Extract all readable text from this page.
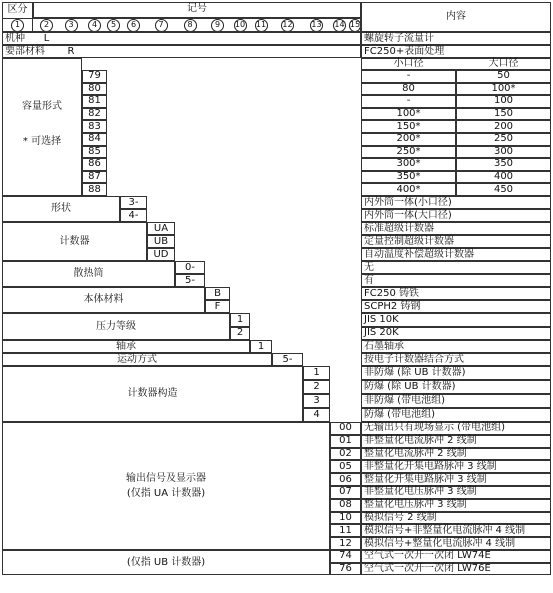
区分	记号
内容
1	2	3	4	5	6	7	8	9	10 11 12 13 14 15
机种	L	螺旋转子流量计
要部材料	R	FC250+表面处理
小口径	大口径
容量形式
* 可选择
79	-	50
80	80	100*
81	-	100
82	100*	150
83	150*	200
84	200*	250
85	250*	300
86	300*	350
87	350*	400
88	400*	450
形状
3-	内外筒一体(小口径)
4-	内外筒一体(大口径)
计数器
UA	标准超级计数器
UB	定量控制超级计数器
UD	自动温度补偿超级计数器
散热筒
0-	无
5-	有
本体材料
B	FC250 铸铁
F	SCPH2 铸钢
压力等级
1	JIS 10K
2	JIS 20K
轴承	1	石墨轴承
运动方式	5-	按电子计数器结合方式
计数器构造
1	非防爆 (除 UB 计数器)
2	防爆 (除 UB 计数器)
3	非防爆 (带电池组)
4	防爆 (带电池组)
输出信号及显示器
(仅指 UA 计数器)
00	无输出只有现场显示 (带电池组)
01	非整量化电流脉冲 2 线制
02	整量化电流脉冲 2 线制
05	非整量化开集电路脉冲 3 线制
06	整量化开集电路脉冲 3 线制
07	非整量化电压脉冲 3 线制
08	整量化电压脉冲 3 线制
10	模拟信号 2 线制
11	模拟信号+非整量化电流脉冲 4 线制
12	模拟信号+整量化电流脉冲 4 线制
(仅指 UB 计数器)
74	空气式一次开一次闭 LW74E
76	空气式一次开一次闭 LW76E
